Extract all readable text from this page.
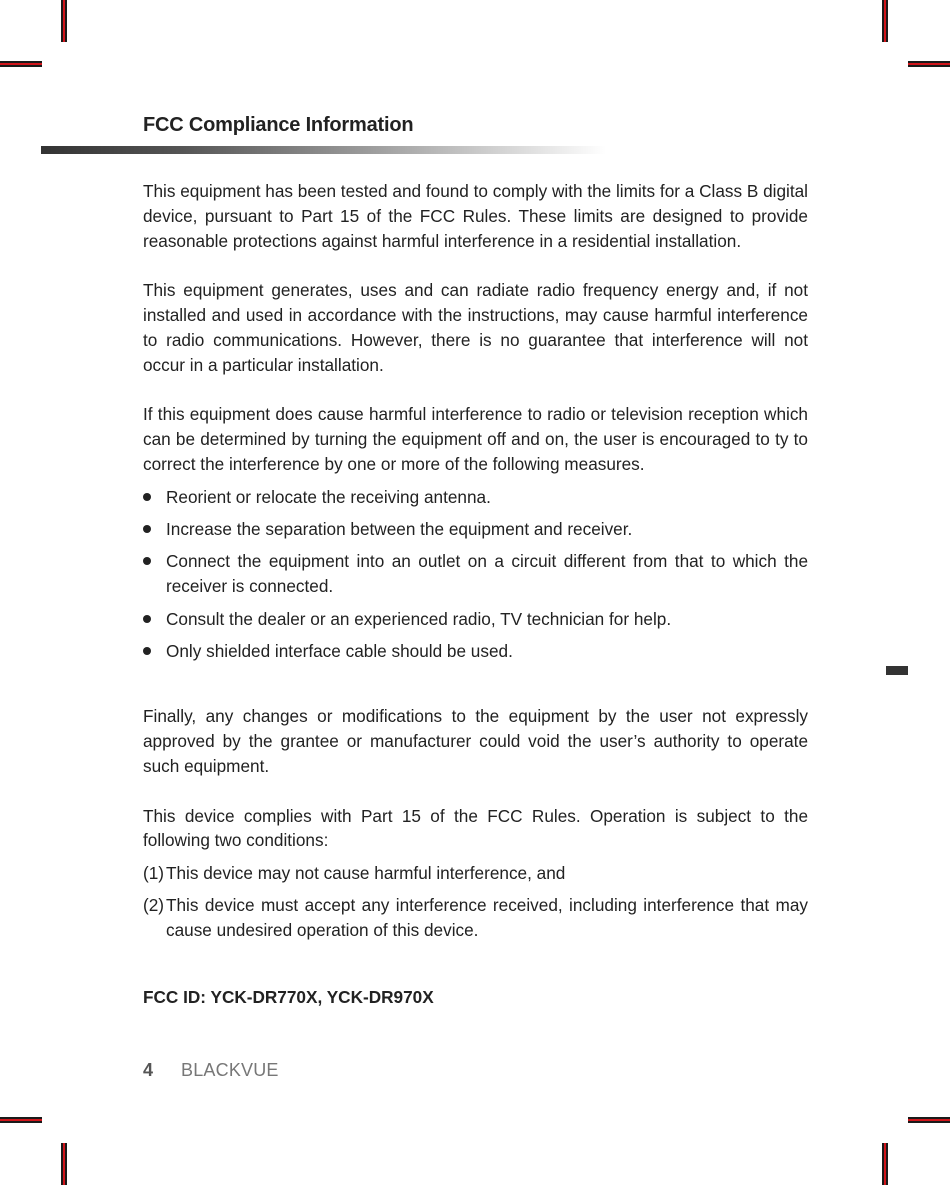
FCC Compliance Information

This equipment has been tested and found to comply with the limits for a Class B digital device, pursuant to Part 15 of the FCC Rules. These limits are designed to provide reasonable protections against harmful interference in a residential installation.

This equipment generates, uses and can radiate radio frequency energy and, if not installed and used in accordance with the instructions, may cause harmful interference to radio communications. However, there is no guarantee that interference will not occur in a particular installation.

If this equipment does cause harmful interference to radio or television reception which can be determined by turning the equipment off and on, the user is encouraged to ty to correct the interference by one or more of the following measures.

Reorient or relocate the receiving antenna.
Increase the separation between the equipment and receiver.
Connect the equipment into an outlet on a circuit different from that to which the receiver is connected.
Consult the dealer or an experienced radio, TV technician for help.
Only shielded interface cable should be used.

Finally, any changes or modifications to the equipment by the user not expressly approved by the grantee or manufacturer could void the user’s authority to operate such equipment.

This device complies with Part 15 of the FCC Rules. Operation is subject to the following two conditions:

(1) This device may not cause harmful interference, and
(2) This device must accept any interference received, including interference that may cause undesired operation of this device.

FCC ID: YCK-DR770X, YCK-DR970X

4 BLACKVUE
